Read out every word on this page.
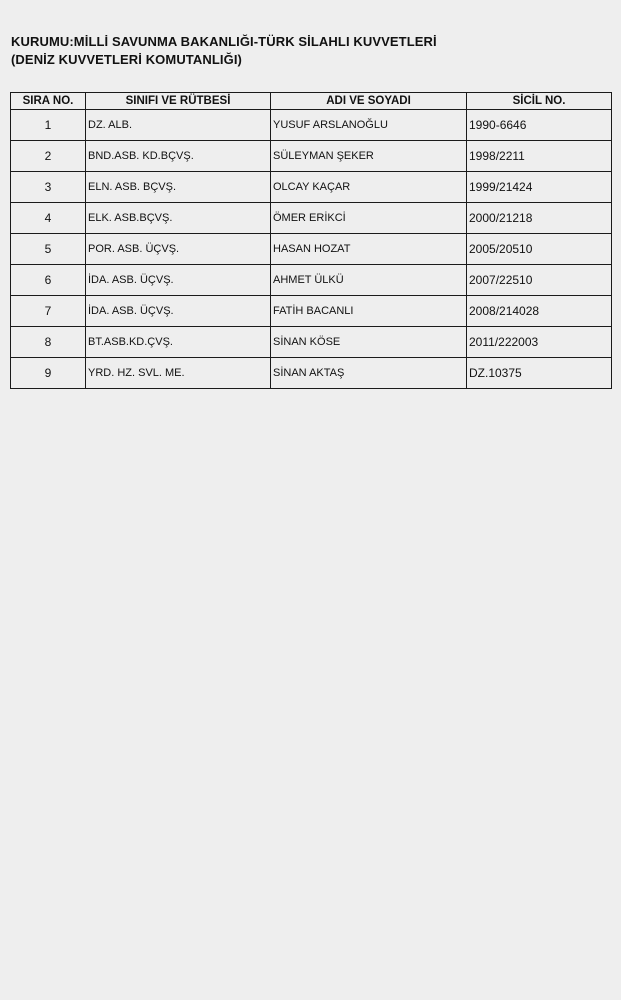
KURUMU:MİLLİ SAVUNMA BAKANLIĞI-TÜRK SİLAHLI KUVVETLERİ
(DENİZ KUVVETLERİ KOMUTANLIĞI)
SIRA NO.	SINIFI VE RÜTBESİ	ADI VE SOYADI	SİCİL NO.
1	DZ. ALB.	YUSUF ARSLANOĞLU	1990-6646
2	BND.ASB. KD.BÇVŞ.	SÜLEYMAN ŞEKER	1998/2211
3	ELN. ASB. BÇVŞ.	OLCAY KAÇAR	1999/21424
4	ELK. ASB.BÇVŞ.	ÖMER ERİKCİ	2000/21218
5	POR. ASB. ÜÇVŞ.	HASAN HOZAT	2005/20510
6	İDA. ASB. ÜÇVŞ.	AHMET ÜLKÜ	2007/22510
7	İDA. ASB. ÜÇVŞ.	FATİH BACANLI	2008/214028
8	BT.ASB.KD.ÇVŞ.	SİNAN KÖSE	2011/222003
9	YRD. HZ. SVL. ME.	SİNAN AKTAŞ	DZ.10375
